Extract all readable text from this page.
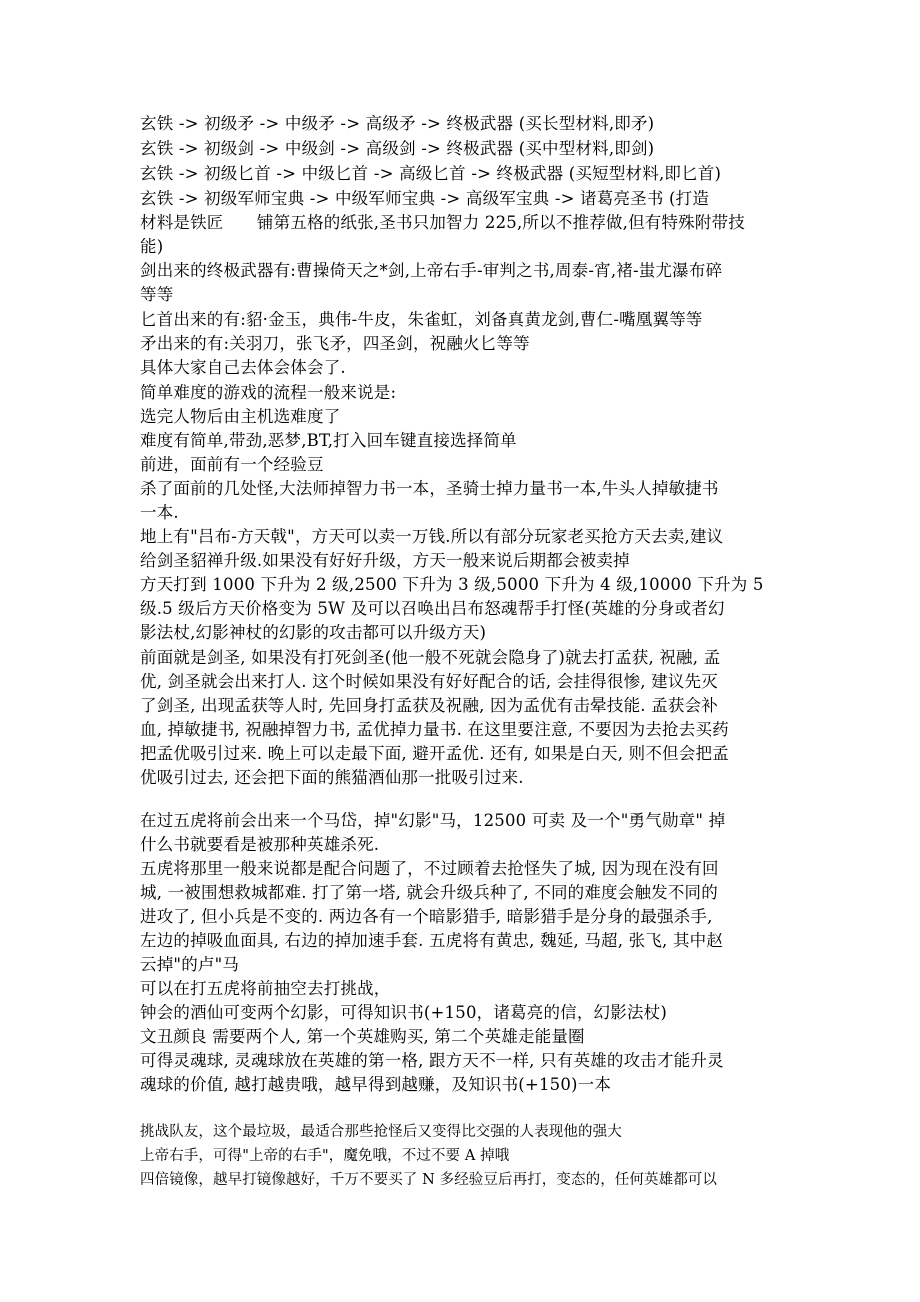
玄铁 -> 初级矛 -> 中级矛 -> 高级矛 -> 终极武器 (买长型材料,即矛)
玄铁 -> 初级剑 -> 中级剑 -> 高级剑 -> 终极武器 (买中型材料,即剑)
玄铁 -> 初级匕首 -> 中级匕首 -> 高级匕首 -> 终极武器 (买短型材料,即匕首)
玄铁 -> 初级军师宝典 -> 中级军师宝典 -> 高级军宝典 -> 诸葛亮圣书 (打造
材料是铁匠　　铺第五格的纸张,圣书只加智力 225,所以不推荐做,但有特殊附带技
能)
剑出来的终极武器有:曹操倚天之*剑,上帝右手-审判之书,周泰-宵,褚-蚩尤瀑布碎
等等
匕首出来的有:貂·金玉，典伟-牛皮，朱雀虹，刘备真黄龙剑,曹仁-嘴凰翼等等
矛出来的有:关羽刀，张飞矛，四圣剑，祝融火匕等等
具体大家自己去体会体会了.
简单难度的游戏的流程一般来说是:
选完人物后由主机选难度了
难度有简单,带劲,恶梦,BT,打入回车键直接选择简单
前进，面前有一个经验豆
杀了面前的几处怪,大法师掉智力书一本，圣骑士掉力量书一本,牛头人掉敏捷书
一本.
地上有"吕布-方天戟"，方天可以卖一万钱.所以有部分玩家老买抢方天去卖,建议
给剑圣貂禅升级.如果没有好好升级，方天一般来说后期都会被卖掉
方天打到 1000 下升为 2 级,2500 下升为 3 级,5000 下升为 4 级,10000 下升为 5
级.5 级后方天价格变为 5W 及可以召唤出吕布怒魂帮手打怪(英雄的分身或者幻
影法杖,幻影神杖的幻影的攻击都可以升级方天)
前面就是剑圣, 如果没有打死剑圣(他一般不死就会隐身了)就去打孟获, 祝融, 孟
优, 剑圣就会出来打人. 这个时候如果没有好好配合的话, 会挂得很惨, 建议先灭
了剑圣, 出现孟获等人时, 先回身打孟获及祝融, 因为孟优有击晕技能. 孟获会补
血, 掉敏捷书, 祝融掉智力书, 孟优掉力量书. 在这里要注意, 不要因为去抢去买药
把孟优吸引过来. 晚上可以走最下面, 避开孟优. 还有, 如果是白天, 则不但会把孟
优吸引过去, 还会把下面的熊猫酒仙那一批吸引过来.
在过五虎将前会出来一个马岱，掉"幻影"马，12500 可卖 及一个"勇气勋章" 掉
什么书就要看是被那种英雄杀死.
五虎将那里一般来说都是配合问题了，不过顾着去抢怪失了城, 因为现在没有回
城, 一被围想救城都难. 打了第一塔, 就会升级兵种了, 不同的难度会触发不同的
进攻了, 但小兵是不变的. 两边各有一个暗影猎手, 暗影猎手是分身的最强杀手,
左边的掉吸血面具, 右边的掉加速手套. 五虎将有黄忠, 魏延, 马超, 张飞, 其中赵
云掉"的卢"马
可以在打五虎将前抽空去打挑战，
钟会的酒仙可变两个幻影，可得知识书(+150，诸葛亮的信，幻影法杖)
文丑颜良 需要两个人, 第一个英雄购买, 第二个英雄走能量圈
可得灵魂球, 灵魂球放在英雄的第一格, 跟方天不一样, 只有英雄的攻击才能升灵
魂球的价值, 越打越贵哦，越早得到越赚，及知识书(+150)一本
挑战队友，这个最垃圾，最适合那些抢怪后又变得比交强的人表现他的强大
上帝右手，可得"上帝的右手"，魔免哦，不过不要 A 掉哦
四倍镜像，越早打镜像越好，千万不要买了 N 多经验豆后再打，变态的，任何英雄都可以
